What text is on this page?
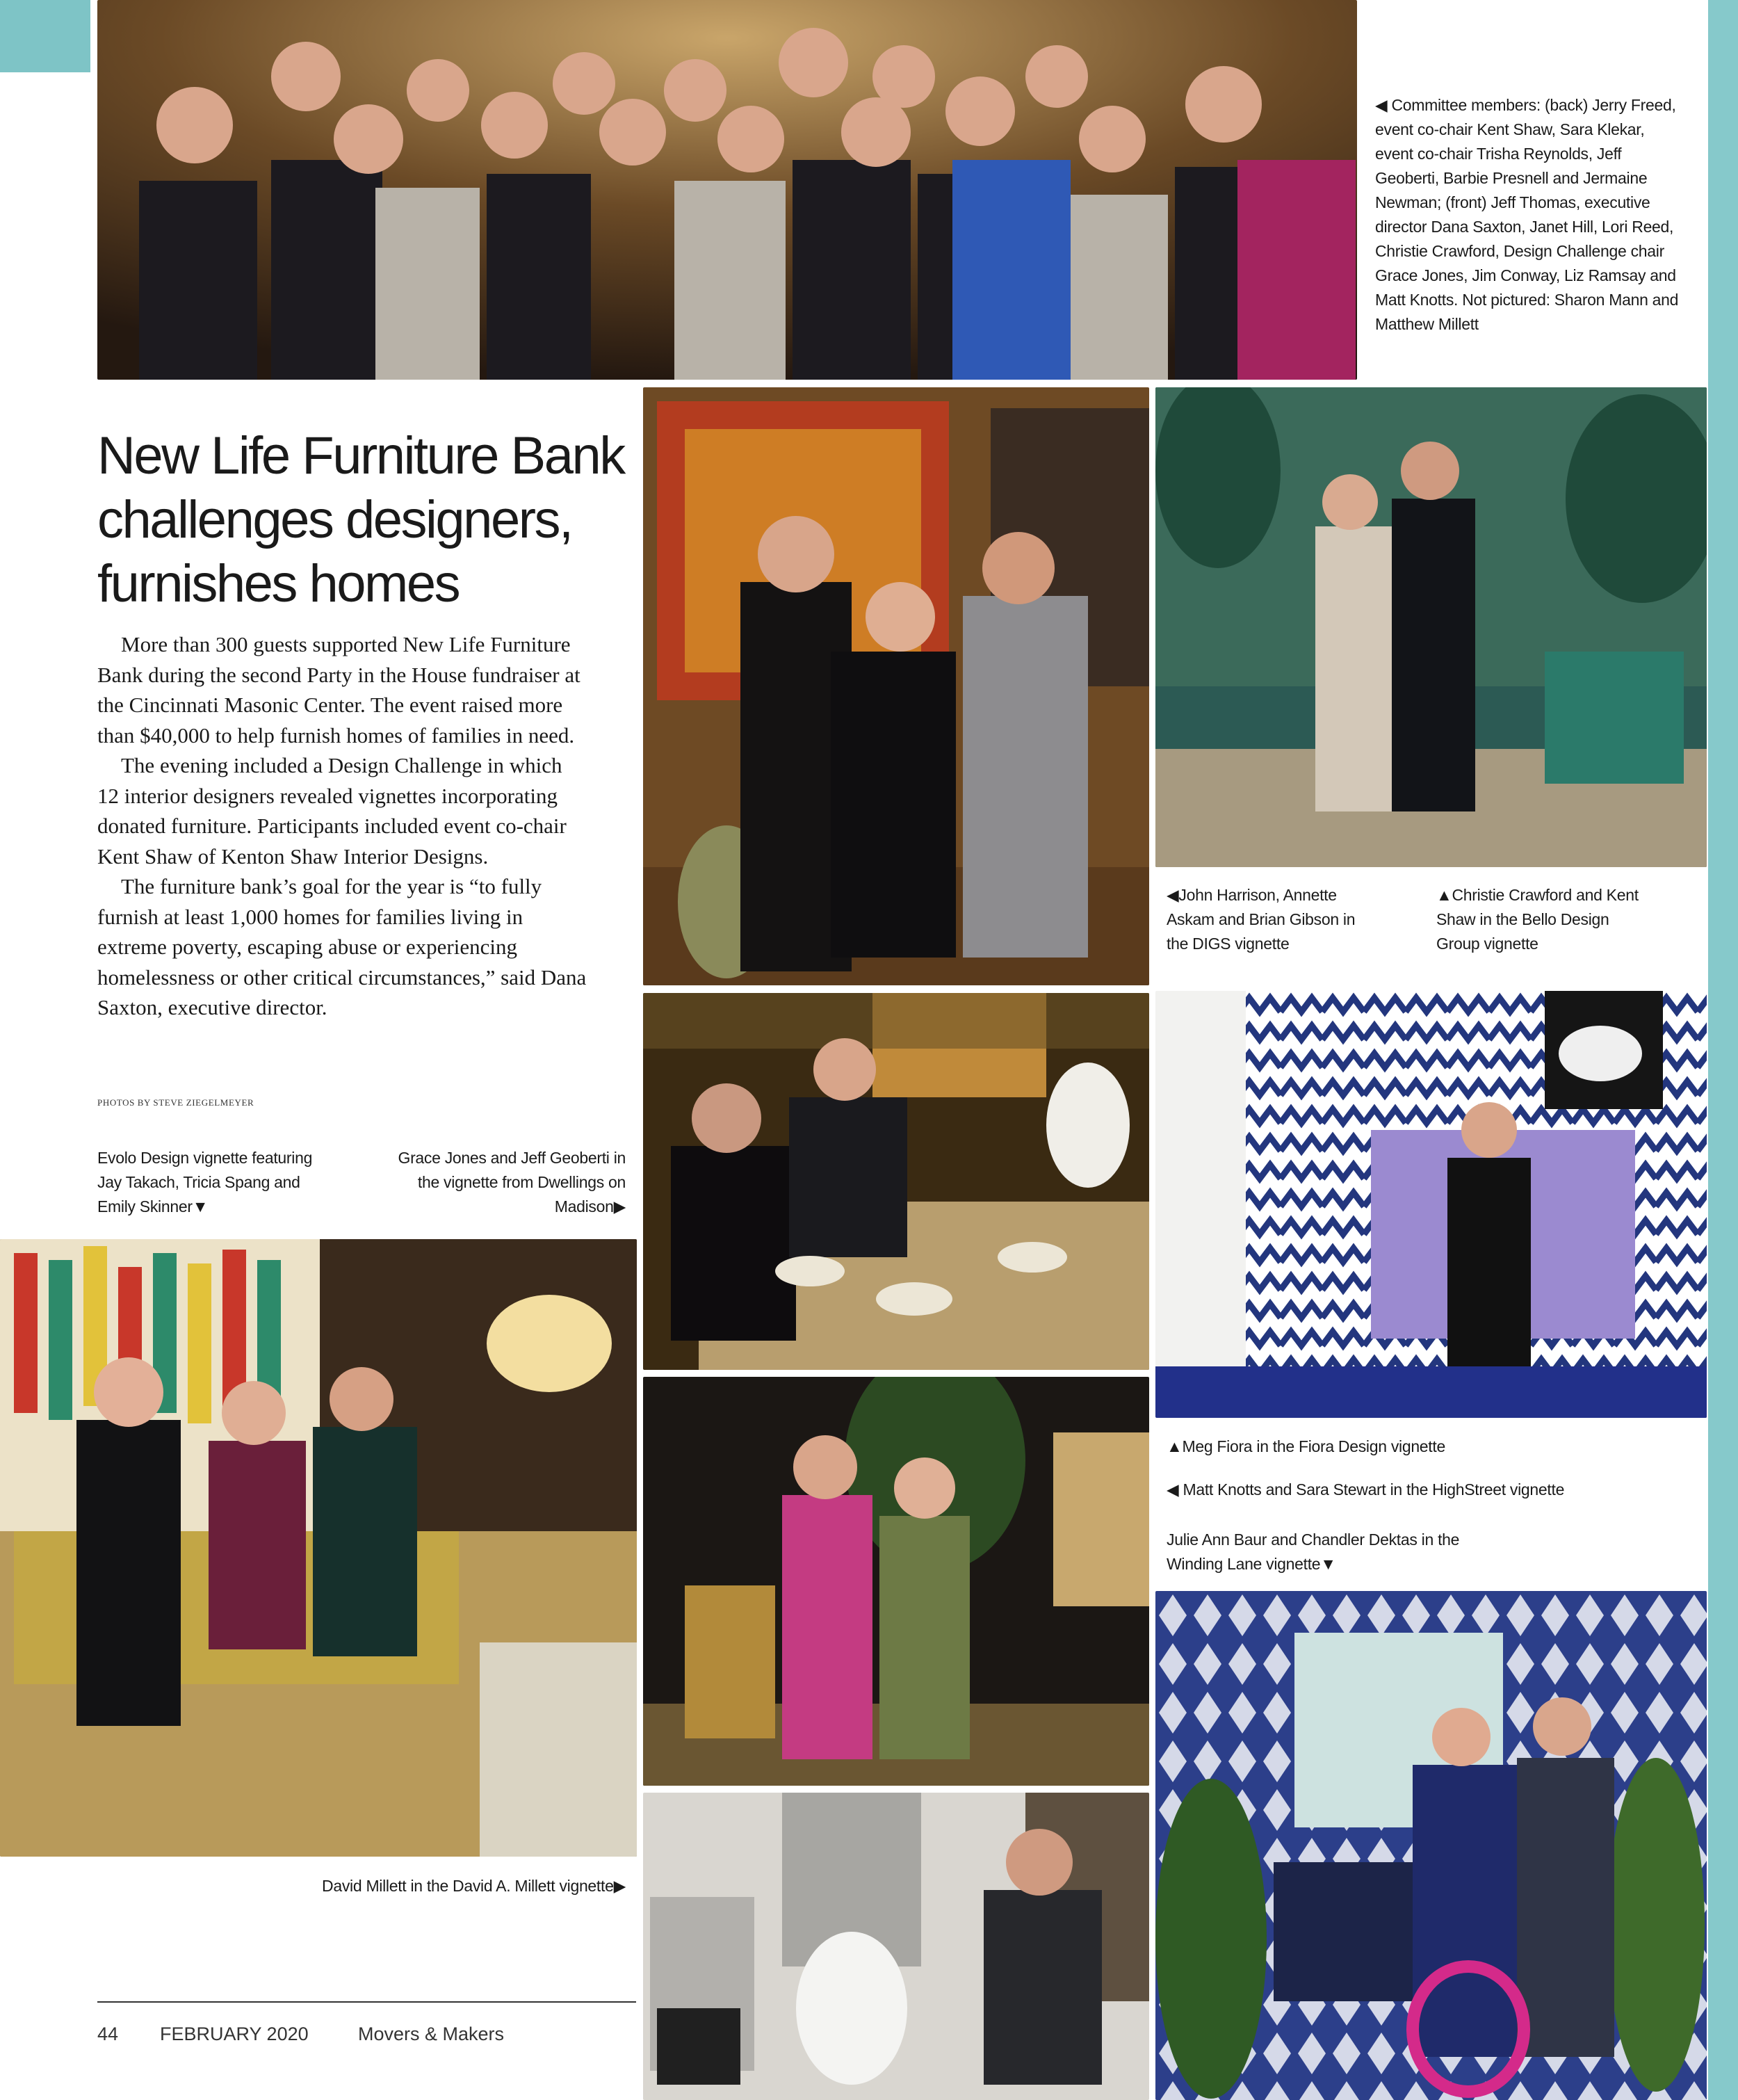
◀ Committee members: (back) Jerry Freed, event co-chair Kent Shaw, Sara Klekar, event co-chair Trisha Reynolds, Jeff Geoberti, Barbie Presnell and Jermaine Newman; (front) Jeff Thomas, executive director Dana Saxton, Janet Hill, Lori Reed, Christie Crawford, Design Challenge chair Grace Jones, Jim Conway, Liz Ramsay and Matt Knotts. Not pictured: Sharon Mann and Matthew Millett
New Life Furniture Bank challenges designers, furnishes homes

More than 300 guests supported New Life Furniture Bank during the second Party in the House fundraiser at the Cincinnati Masonic Center. The event raised more than $40,000 to help furnish homes of families in need.

The evening included a Design Challenge in which 12 interior designers revealed vignettes incorporating donated furniture. Participants included event co-chair Kent Shaw of Kenton Shaw Interior Designs.

The furniture bank’s goal for the year is “to fully furnish at least 1,000 homes for families living in extreme poverty, escaping abuse or experiencing homelessness or other critical circumstances,” said Dana Saxton, executive director.

PHOTOS BY STEVE ZIEGELMEYER
◀John Harrison, Annette Askam and Brian Gibson in the DIGS vignette
▲Christie Crawford and Kent Shaw in the Bello Design Group vignette
▲Meg Fiora in the Fiora Design vignette
◀ Matt Knotts and Sara Stewart in the HighStreet vignette
Julie Ann Baur and Chandler Dektas in the Winding Lane vignette▼
Evolo Design vignette featuring Jay Takach, Tricia Spang and Emily Skinner▼
Grace Jones and Jeff Geoberti in the vignette from Dwellings on Madison▶
David Millett in the David A. Millett vignette▶
44 FEBRUARY 2020	Movers & Makers
